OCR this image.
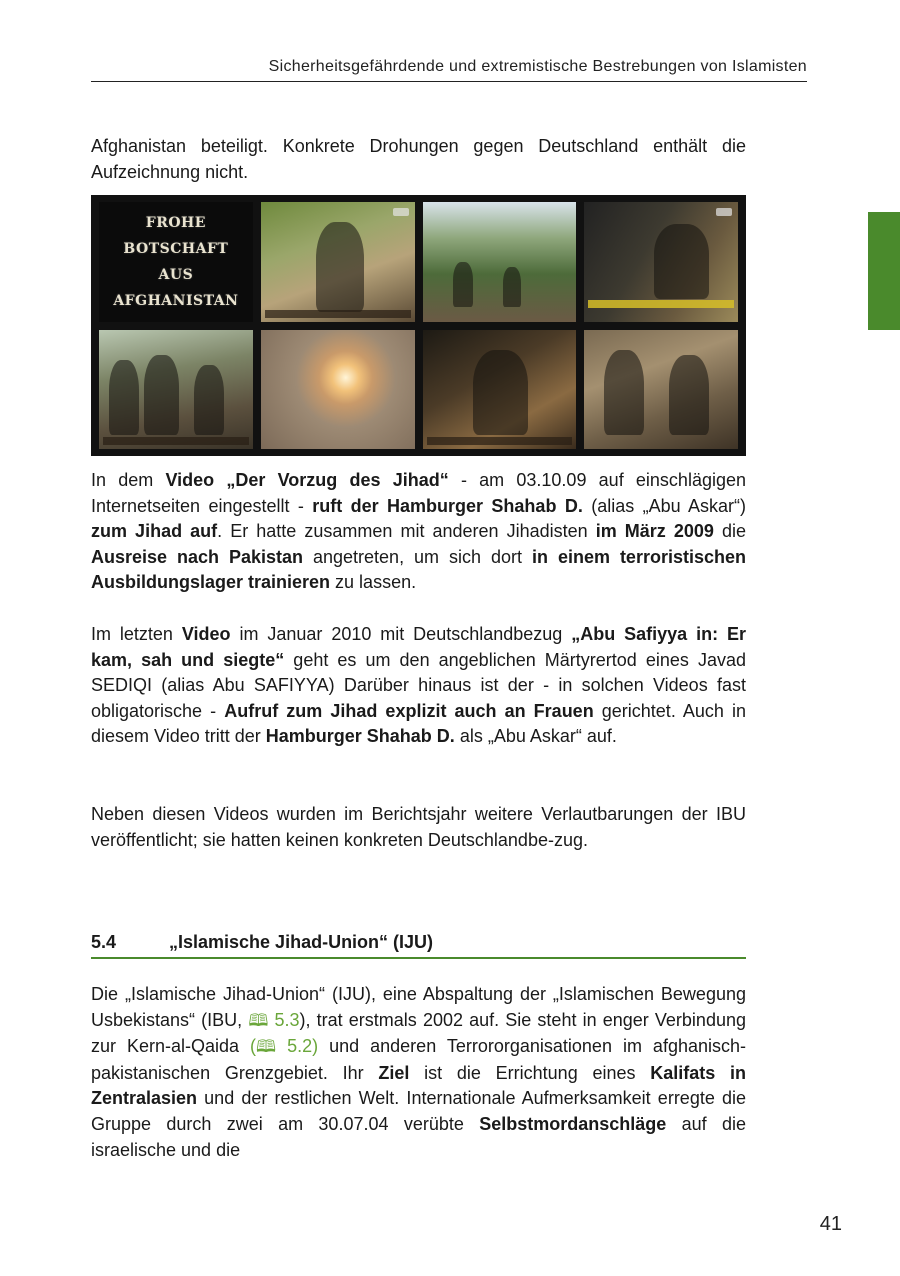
Sicherheitsgefährdende und extremistische Bestrebungen von Islamisten

Afghanistan beteiligt. Konkrete Drohungen gegen Deutschland enthält die Aufzeichnung nicht.

FROHE
BOTSCHAFT
AUS
AFGHANISTAN

In dem Video „Der Vorzug des Jihad“ - am 03.10.09 auf einschlägigen Internetseiten eingestellt - ruft der Hamburger Shahab D. (alias „Abu Askar“) zum Jihad auf. Er hatte zusammen mit anderen Jihadisten im März 2009 die Ausreise nach Pakistan angetreten, um sich dort in einem terroristischen Ausbildungslager trainieren zu lassen.

Im letzten Video im Januar 2010 mit Deutschlandbezug „Abu Safiyya in: Er kam, sah und siegte“ geht es um den angeblichen Märtyrertod eines Javad SEDIQI (alias Abu SAFIYYA) Darüber hinaus ist der - in solchen Videos fast obligatorische - Aufruf zum Jihad explizit auch an Frauen gerichtet. Auch in diesem Video tritt der Hamburger Shahab D. als „Abu Askar“ auf.

Neben diesen Videos wurden im Berichtsjahr weitere Verlautbarungen der IBU veröffentlicht; sie hatten keinen konkreten Deutschlandbe-zug.

5.4	„Islamische Jihad-Union“ (IJU)

Die „Islamische Jihad-Union“ (IJU), eine Abspaltung der „Islamischen Bewegung Usbekistans“ (IBU, 🕮 5.3), trat erstmals 2002 auf. Sie steht in enger Verbindung zur Kern-al-Qaida (🕮 5.2) und anderen Terrororganisationen im afghanisch-pakistanischen Grenzgebiet. Ihr Ziel ist die Errichtung eines Kalifats in Zentralasien und der restlichen Welt. Internationale Aufmerksamkeit erregte die Gruppe durch zwei am 30.07.04 verübte Selbstmordanschläge auf die israelische und die

41
